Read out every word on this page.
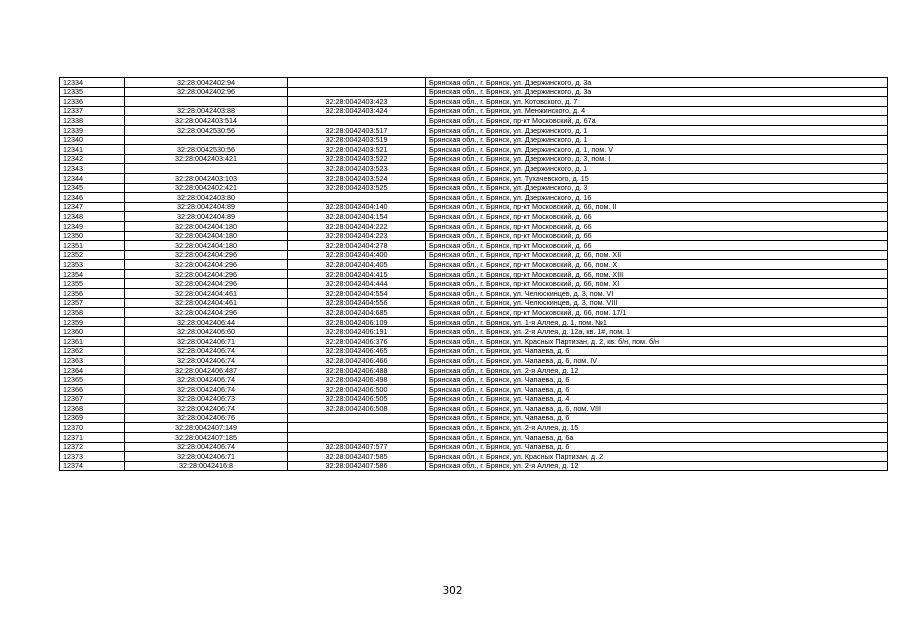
12334	32:28:0042402:94		Брянская обл., г. Брянск, ул. Дзержинского, д. 3а
12335	32:28:0042402:96		Брянская обл., г. Брянск, ул. Дзержинского, д. 3а
12336		32:28:0042403:423	Брянская обл., г. Брянск, ул. Котовского, д. 7
12337	32:28:0042403:88	32:28:0042403:424	Брянская обл., г. Брянск, ул. Менжинского, д. 4
12338	32:28:0042403:514		Брянская обл., г. Брянск, пр-кт Московский, д. 67а
12339	32:28:0042530:56	32:28:0042403:517	Брянская обл., г. Брянск, ул. Дзержинского, д. 1
12340		32:28:0042403:519	Брянская обл., г. Брянск, ул. Дзержинского, д. 1
12341	32:28:0042530:56	32:28:0042403:521	Брянская обл., г. Брянск, ул. Дзержинского, д. 1, пом. V
12342	32:28:0042403:421	32:28:0042403:522	Брянская обл., г. Брянск, ул. Дзержинского, д. 3, пом. I
12343		32:28:0042403:523	Брянская обл., г. Брянск, ул. Дзержинского, д. 1
12344	32:28:0042403:103	32:28:0042403:524	Брянская обл., г. Брянск, ул. Тухачевского, д. 15
12345	32:28:0042402:421	32:28:0042403:525	Брянская обл., г. Брянск, ул. Дзержинского, д. 3
12346	32:28:0042403:80		Брянская обл., г. Брянск, ул. Дзержинского, д. 16
12347	32:28:0042404:89	32:28:0042404:140	Брянская обл., г. Брянск, пр-кт Московский, д. 66, пом. II
12348	32:28:0042404:89	32:28:0042404:154	Брянская обл., г. Брянск, пр-кт Московский, д. 66
12349	32:28:0042404:180	32:28:0042404:222	Брянская обл., г. Брянск, пр-кт Московский, д. 66
12350	32:28:0042404:180	32:28:0042404:223	Брянская обл., г. Брянск, пр-кт Московский, д. 66
12351	32:28:0042404:180	32:28:0042404:278	Брянская обл., г. Брянск, пр-кт Московский, д. 66
12352	32:28:0042404:296	32:28:0042404:400	Брянская обл., г. Брянск, пр-кт Московский, д. 66, пом. XII
12353	32:28:0042404:296	32:28:0042404:405	Брянская обл., г. Брянск, пр-кт Московский, д. 66, пом. X
12354	32:28:0042404:296	32:28:0042404:415	Брянская обл., г. Брянск, пр-кт Московский, д. 66, пом. XIII
12355	32:28:0042404:296	32:28:0042404:444	Брянская обл., г. Брянск, пр-кт Московский, д. 66, пом. XI
12356	32:28:0042404:461	32:28:0042404:554	Брянская обл., г. Брянск, ул. Челюскинцев, д. 3, пом. VI
12357	32:28:0042404:461	32:28:0042404:556	Брянская обл., г. Брянск, ул. Челюскинцев, д. 3, пом. VIII
12358	32:28:0042404:296	32:28:0042404:685	Брянская обл., г. Брянск, пр-кт Московский, д. 66, пом. 17/1
12359	32:28:0042406:44	32:28:0042406:109	Брянская обл., г. Брянск, ул. 1-я Аллея, д. 1, пом. №1
12360	32:28:0042406:60	32:28:0042406:191	Брянская обл., г. Брянск, ул. 2-я Аллея, д. 12а, кв. 1#, пом. 1
12361	32:28:0042406:71	32:28:0042406:376	Брянская обл., г. Брянск, ул. Красных Партизан, д. 2, кв. б/н, пом. б/н
12362	32:28:0042406:74	32:28:0042406:465	Брянская обл., г. Брянск, ул. Чапаева, д. 6
12363	32:28:0042406:74	32:28:0042406:466	Брянская обл., г. Брянск, ул. Чапаева, д. 6, пом. IV
12364	32:28:0042406:487	32:28:0042406:488	Брянская обл., г. Брянск, ул. 2-я Аллея, д. 12
12365	32:28:0042406:74	32:28:0042406:498	Брянская обл., г. Брянск, ул. Чапаева, д. 6
12366	32:28:0042406:74	32:28:0042406:500	Брянская обл., г. Брянск, ул. Чапаева, д. 6
12367	32:28:0042406:73	32:28:0042406:505	Брянская обл., г. Брянск, ул. Чапаева, д. 4
12368	32:28:0042406:74	32:28:0042406:508	Брянская обл., г. Брянск, ул. Чапаева, д. 6, пом. VIII
12369	32:28:0042406:76		Брянская обл., г. Брянск, ул. Чапаева, д. 6
12370	32:28:0042407:149		Брянская обл., г. Брянск, ул. 2-я Аллея, д. 15
12371	32:28:0042407:185		Брянская обл., г. Брянск, ул. Чапаева, д. 6а
12372	32:28:0042406:74	32:28:0042407:577	Брянская обл., г. Брянск, ул. Чапаева, д. 6
12373	32:28:0042406:71	32:28:0042407:585	Брянская обл., г. Брянск, ул. Красных Партизан, д. 2
12374	32:28:0042416:8	32:28:0042407:586	Брянская обл., г. Брянск, ул. 2-я Аллея, д. 12
302
